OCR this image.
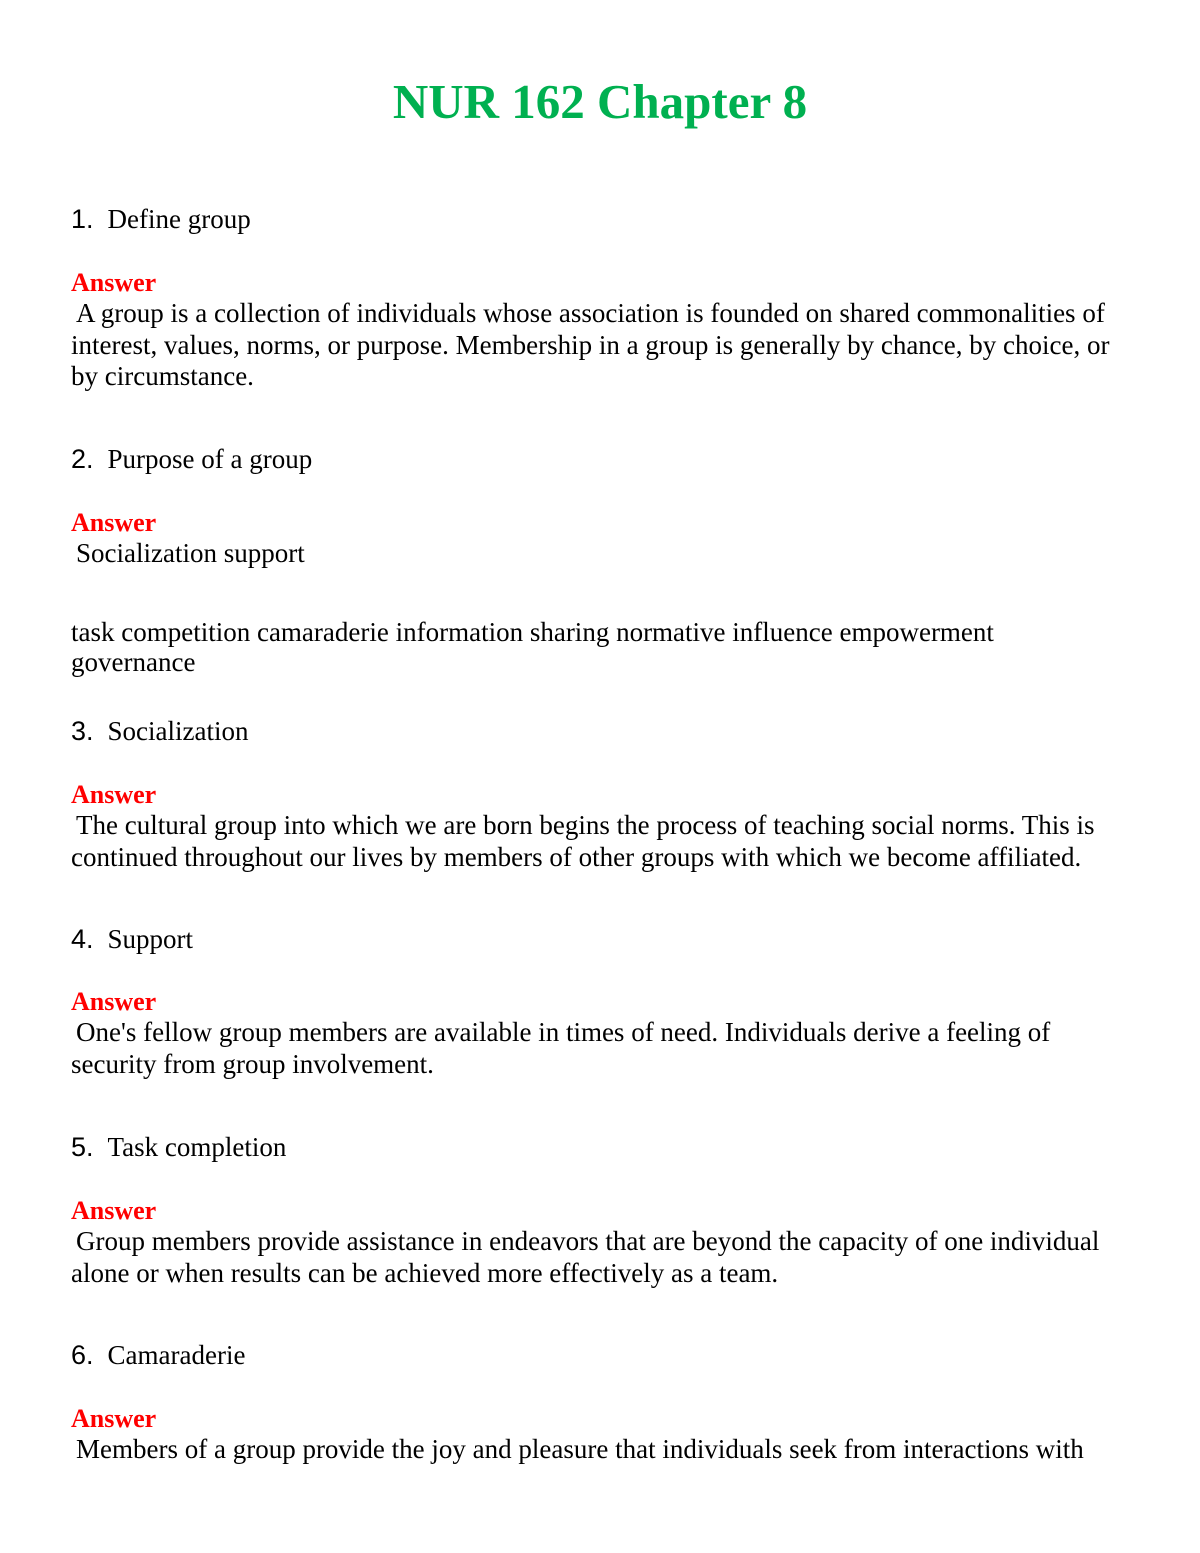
NUR 162 Chapter 8
1. Define group
Answer

A group is a collection of individuals whose association is founded on shared commonalities of interest, values, norms, or purpose. Membership in a group is generally by chance, by choice, or by circumstance.

2. Purpose of a group
Answer

Socialization support

task competition camaraderie information sharing normative influence empowerment governance

3. Socialization
Answer

The cultural group into which we are born begins the process of teaching social norms. This is continued throughout our lives by members of other groups with which we become affiliated.

4. Support
Answer

One's fellow group members are available in times of need. Individuals derive a feeling of security from group involvement.

5. Task completion
Answer

Group members provide assistance in endeavors that are beyond the capacity of one individual alone or when results can be achieved more effectively as a team.

6. Camaraderie
Answer

Members of a group provide the joy and pleasure that individuals seek from interactions with
